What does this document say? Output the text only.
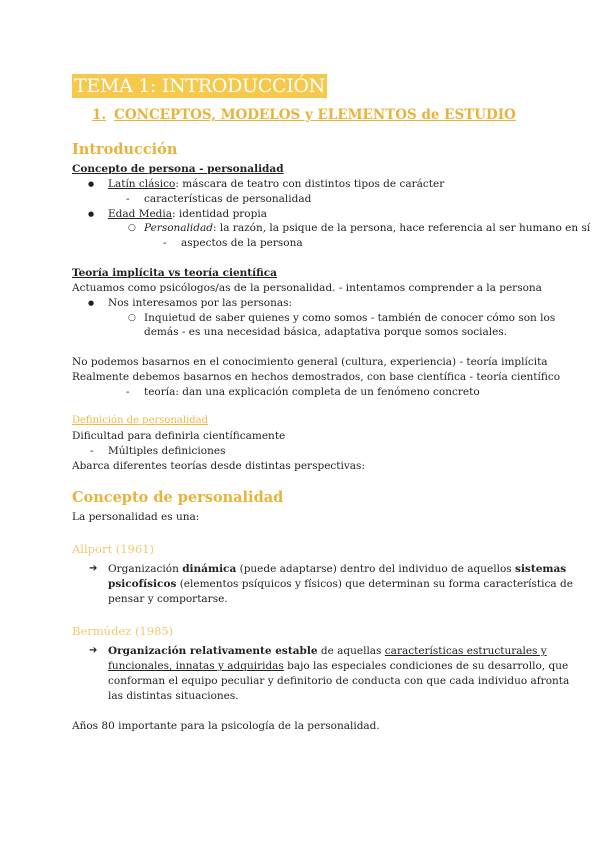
TEMA 1: INTRODUCCIÓN
1. CONCEPTOS, MODELOS y ELEMENTOS de ESTUDIO
Introducción
Concepto de persona - personalidad
● Latín clásico: máscara de teatro con distintos tipos de carácter
- características de personalidad
● Edad Media: identidad propia
○ Personalidad: la razón, la psique de la persona, hace referencia al ser humano en sí
- aspectos de la persona
Teoría implícita vs teoría científica
Actuamos como psicólogos/as de la personalidad. - intentamos comprender a la persona
● Nos interesamos por las personas:
○ Inquietud de saber quienes y como somos - también de conocer cómo son los
demás - es una necesidad básica, adaptativa porque somos sociales.
No podemos basarnos en el conocimiento general (cultura, experiencia) - teoría implícita
Realmente debemos basarnos en hechos demostrados, con base científica - teoría científico
- teoría: dan una explicación completa de un fenómeno concreto
Definición de personalidad
Dificultad para definirla científicamente
- Múltiples definiciones
Abarca diferentes teorías desde distintas perspectivas:
Concepto de personalidad
La personalidad es una:
Allport (1961)
➔ Organización dinámica (puede adaptarse) dentro del individuo de aquellos sistemas
psicofísicos (elementos psíquicos y físicos) que determinan su forma característica de
pensar y comportarse.
Bermúdez (1985)
➔ Organización relativamente estable de aquellas características estructurales y
funcionales, innatas y adquiridas bajo las especiales condiciones de su desarrollo, que
conforman el equipo peculiar y definitorio de conducta con que cada individuo afronta
las distintas situaciones.
Años 80 importante para la psicología de la personalidad.
